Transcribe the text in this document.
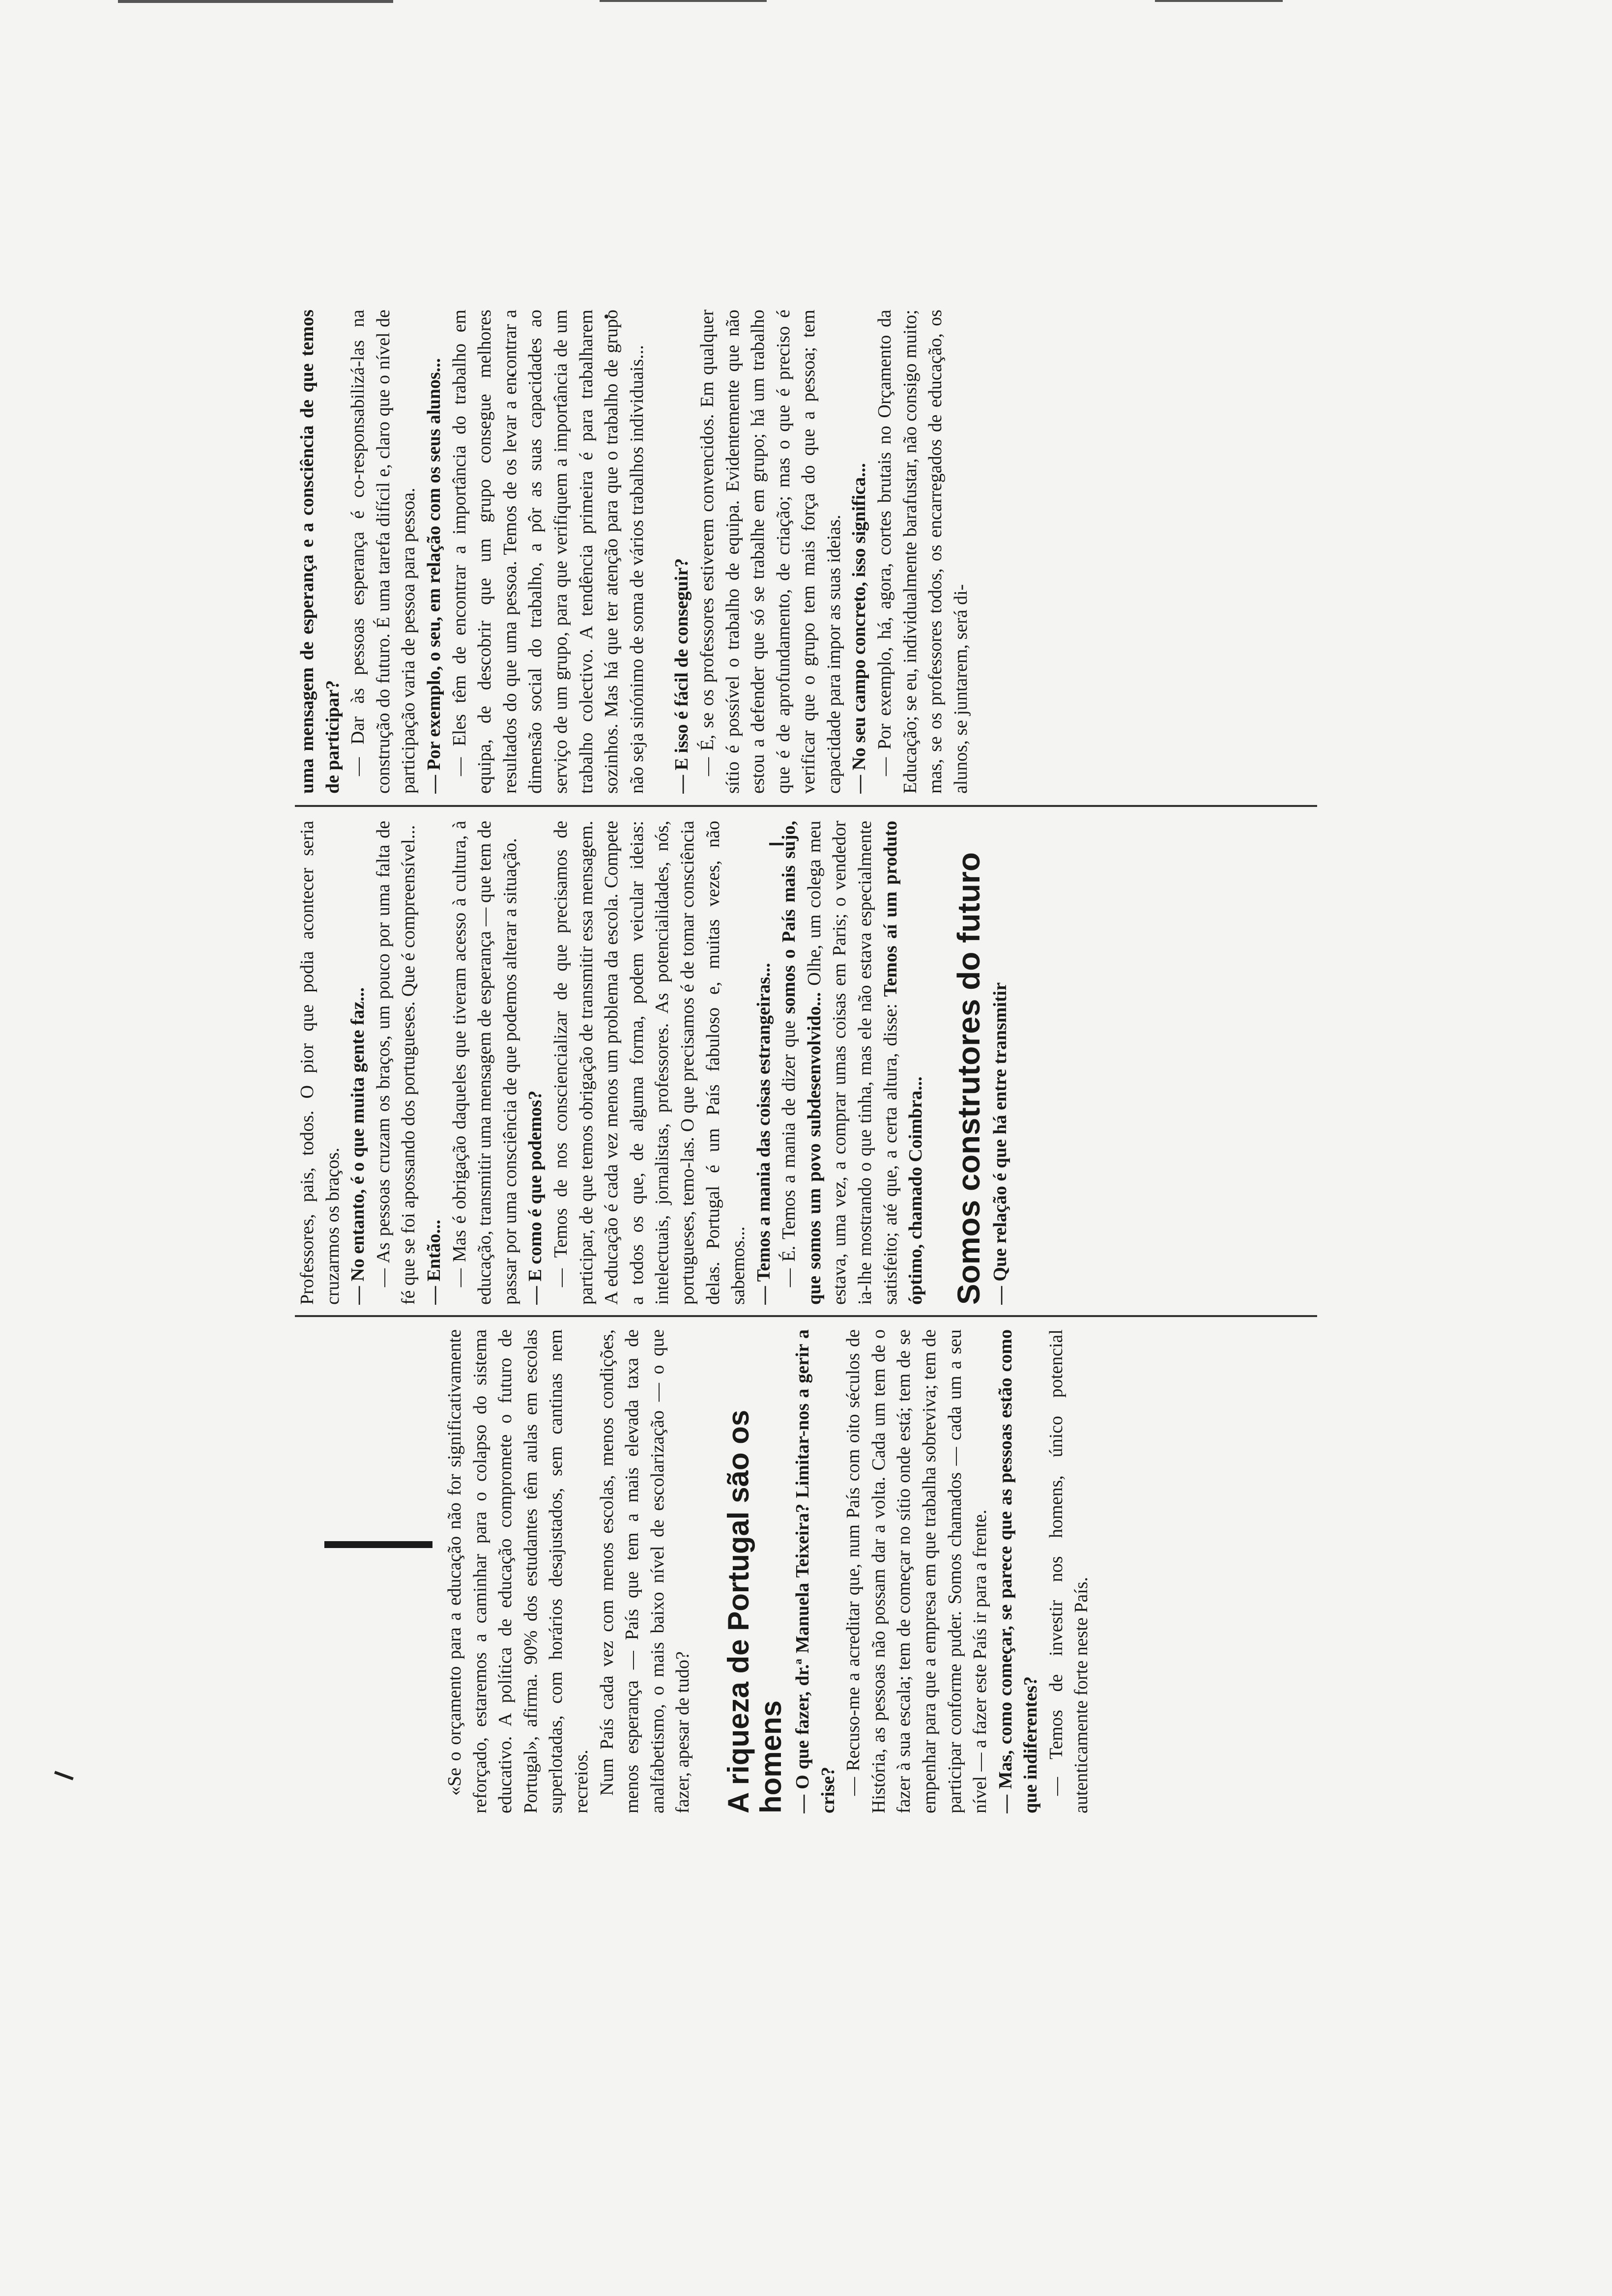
«Se o orçamento para a educação não for significativamente reforçado, estaremos a caminhar para o colapso do sistema educativo. A política de educação compromete o futuro de Portugal», afirma. 90% dos estudantes têm aulas em escolas superlotadas, com horários desajustados, sem cantinas nem recreios. Num País cada vez com menos escolas, menos condições, menos esperança — País que tem a mais elevada taxa de analfabetismo, o mais baixo nível de escolarização — o que fazer, apesar de tudo? A riqueza de Portugal são os homens — O que fazer, dr.ª Manuela Teixeira? Limitar-nos a gerir a crise? — Recuso-me a acreditar que, num País com oito séculos de História, as pessoas não possam dar a volta. Cada um tem de o fazer à sua escala; tem de começar no sítio onde está; tem de se empenhar para que a empresa em que trabalha sobreviva; tem de participar conforme puder. Somos chamados — cada um a seu nível — a fazer este País ir para a frente. — Mas, como começar, se parece que as pessoas estão como que indiferentes? — Temos de investir nos homens, único potencial autenticamente forte neste País.

Professores, pais, todos. O pior que podia acontecer seria cruzarmos os braços. — No entanto, é o que muita gente faz... — As pessoas cruzam os braços, um pouco por uma falta de fé que se foi apossando dos portugueses. Que é compreensível... — Então... — Mas é obrigação daqueles que tiveram acesso à cultura, à educação, transmitir uma mensagem de esperança — que tem de passar por uma consciência de que podemos alterar a situação. — E como é que podemos? — Temos de nos consciencializar de que precisamos de participar, de que temos obrigação de transmitir essa mensagem. A educação é cada vez menos um problema da escola. Compete a todos os que, de alguma forma, podem veicular ideias: intelectuais, jornalistas, professores. As potencialidades, nós, portugueses, temo-las. O que precisamos é de tomar consciência delas. Portugal é um País fabuloso e, muitas vezes, não sabemos... — Temos a mania das coisas estrangeiras... — É. Temos a mania de dizer que somos o País mais sujo, que somos um povo subdesenvolvido... Olhe, um colega meu estava, uma vez, a comprar umas coisas em Paris; o vendedor ia-lhe mostrando o que tinha, mas ele não estava especialmente satisfeito; até que, a certa altura, disse: Temos aí um produto óptimo, chamado Coimbra... Somos construtores do futuro — Que relação é que há entre transmitir

uma mensagem de esperança e a consciência de que temos de participar? — Dar às pessoas esperança é co-responsabilizá-las na construção do futuro. É uma tarefa difícil e, claro que o nível de participação varia de pessoa para pessoa. — Por exemplo, o seu, em relação com os seus alunos... — Eles têm de encontrar a importância do trabalho em equipa, de descobrir que um grupo consegue melhores resultados do que uma pessoa. Temos de os levar a encontrar a dimensão social do trabalho, a pôr as suas capacidades ao serviço de um grupo, para que verifiquem a importância de um trabalho colectivo. A tendência primeira é para trabalharem sozinhos. Mas há que ter atenção para que o trabalho de grupo não seja sinónimo de soma de vários trabalhos individuais... — E isso é fácil de conseguir? — É, se os professores estiverem convencidos. Em qualquer sítio é possível o trabalho de equipa. Evidentemente que não estou a defender que só se trabalhe em grupo; há um trabalho que é de aprofundamento, de criação; mas o que é preciso é verificar que o grupo tem mais força do que a pessoa; tem capacidade para impor as suas ideias. — No seu campo concreto, isso significa... — Por exemplo, há, agora, cortes brutais no Orçamento da Educação; se eu, individualmente barafustar, não consigo muito; mas, se os professores todos, os encarregados de educação, os alunos, se juntarem, será di-
